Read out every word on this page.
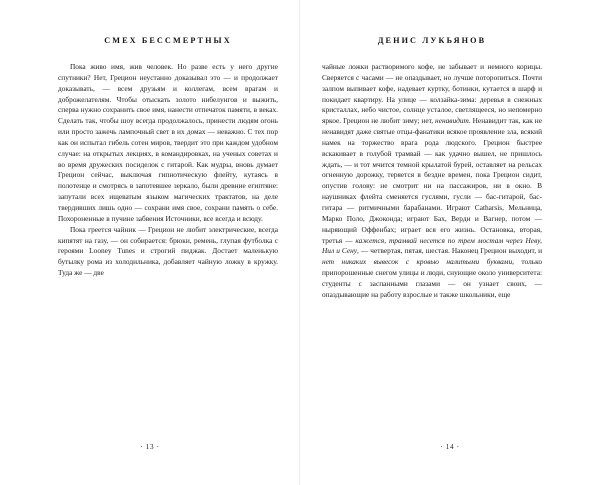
СМЕХ БЕССМЕРТНЫХ

Пока живо имя, жив человек. Но разве есть у него другие спутники? Нет, Грецион неустанно доказывал это — и продолжает доказывать, — всем друзьям и коллегам, всем врагам и доброжелателям. Чтобы отыскать золото нибелунгов и выжить, сперва нужно сохранить свое имя, нанести отпечаток памяти, в веках. Сделать так, чтобы шоу всегда продолжалось, принести людям огонь или просто зажечь лампочный свет в их домах — неважно. С тех пор как он испытал гибель сотен миров, твердит это при каждом удобном случае: на открытых лекциях, в командировках, на ученых советах и во время дружеских посиделок с гитарой. Как мудры, вновь думает Грецион сейчас, выключая гипнотическую флейту, кутаясь в полотенце и смотрясь в запотевшее зеркало, были древние египтяне: запутали всех ищеватым языком магических трактатов, на деле твердивших лишь одно — сохрани имя свое, сохрани память о себе. Похороненные в пучине забвения Источники, все всегда и всюду.

Пока греется чайник — Грецион не любит электрические, всегда кипятят на газу, — он собирается: брюки, ремень, глупая футболка с героями Looney Tunes и строгий пиджак. Достает маленькую бутылку рома из холодильника, добавляет чайную ложку в кружку. Туда же — две

· 13 ·
ДЕНИС ЛУКЬЯНОВ

чайные ложки растворимого кофе, не забывает и немного корицы. Сверяется с часами — не опаздывает, но лучше поторопиться. Почти залпом выпивает кофе, надевает куртку, ботинки, кутается в шарф и покидает квартиру. На улице — колзайка-зима: деревья в снежных кристаллах, небо чистое, солнце усталое, светлящееся, но непомерно яркое. Грецион не любит зиму; нет, ненавидит. Ненавидит так, как не ненавидят даже святые отцы-фанатики всякое проявление зла, всякий намек на торжество врага рода людского. Грецион быстрее вскакивает в голубой трамвай — как удачно вышел, не пришлось ждать, — и тот мчится темной крылатой бурей, оставляет на рельсах огненную дорожку, теряется в бездне времен, пока Грецион сидит, опустив голову: не смотрит ни на пассажиров, ни в окно. В наушниках флейта сменяется гуслями, гусли — бас-гитарой, бас-гитара — ритмичными барабанами. Играют Catharsis, Мельница, Марко Поло, Джоконда; играют Бах, Верди и Вагнер, потом — ныряющий Оффенбах; играет вся его жизнь. Остановка, вторая, третья — кажется, трамвай несется по трем мостам через Неву, Нил и Сену, — четвертая, пятая, шестая. Наконец Грецион выходит, и нет никаких вывесок с кровью налитыми буквами, только припорошенные снегом улицы и люди, снующие около университета: студенты с заспанными глазами — он узнает своих, — опаздывающие на работу взрослые и также школьники, еще

· 14 ·
